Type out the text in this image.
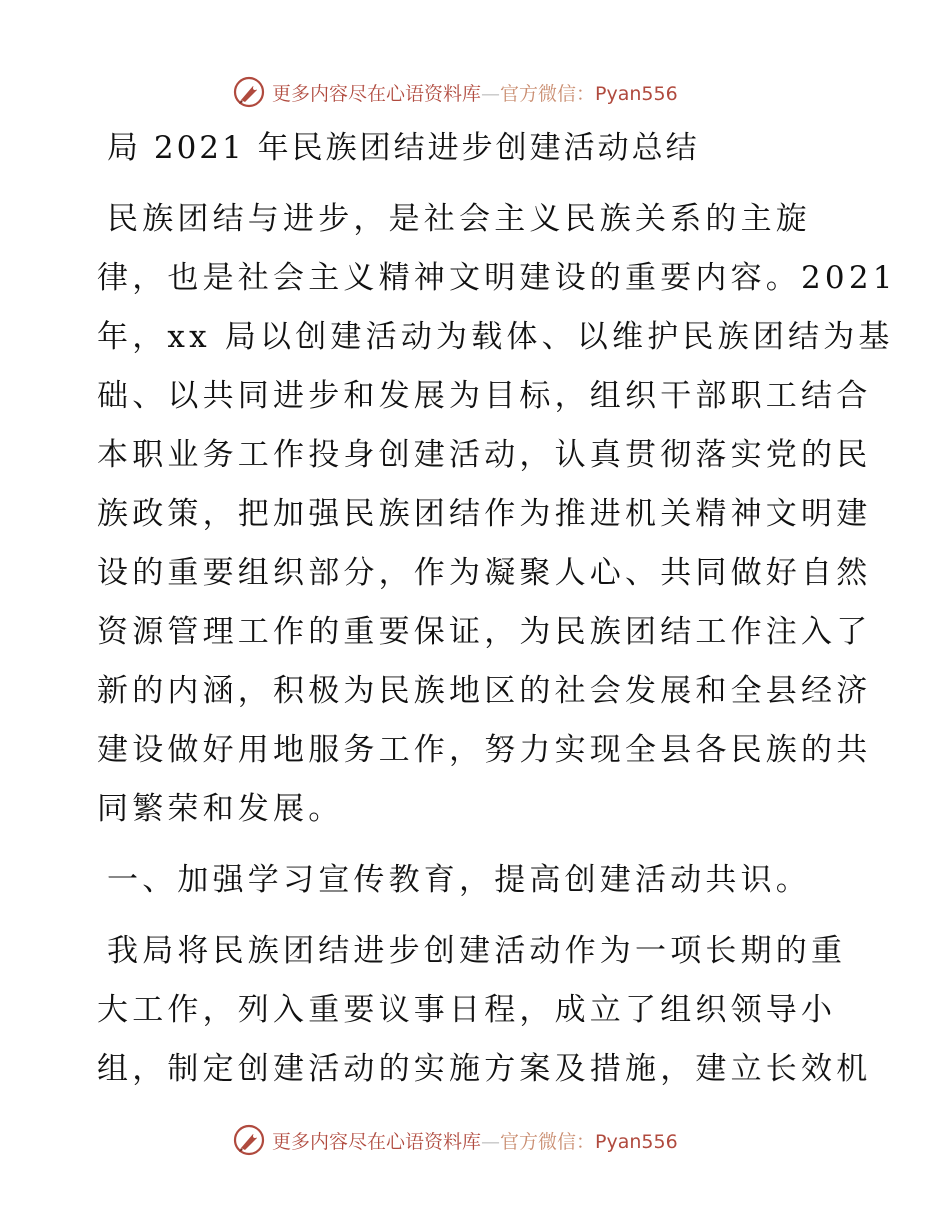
更多内容尽在心语资料库—官方微信：Pyan556
局 2021 年民族团结进步创建活动总结

民族团结与进步，是社会主义民族关系的主旋

律，也是社会主义精神文明建设的重要内容。2021

年，xx 局以创建活动为载体、以维护民族团结为基

础、以共同进步和发展为目标，组织干部职工结合

本职业务工作投身创建活动，认真贯彻落实党的民

族政策，把加强民族团结作为推进机关精神文明建

设的重要组织部分，作为凝聚人心、共同做好自然

资源管理工作的重要保证，为民族团结工作注入了

新的内涵，积极为民族地区的社会发展和全县经济

建设做好用地服务工作，努力实现全县各民族的共

同繁荣和发展。

一、加强学习宣传教育，提高创建活动共识。

我局将民族团结进步创建活动作为一项长期的重

大工作，列入重要议事日程，成立了组织领导小

组，制定创建活动的实施方案及措施，建立长效机

更多内容尽在心语资料库—官方微信：Pyan556
